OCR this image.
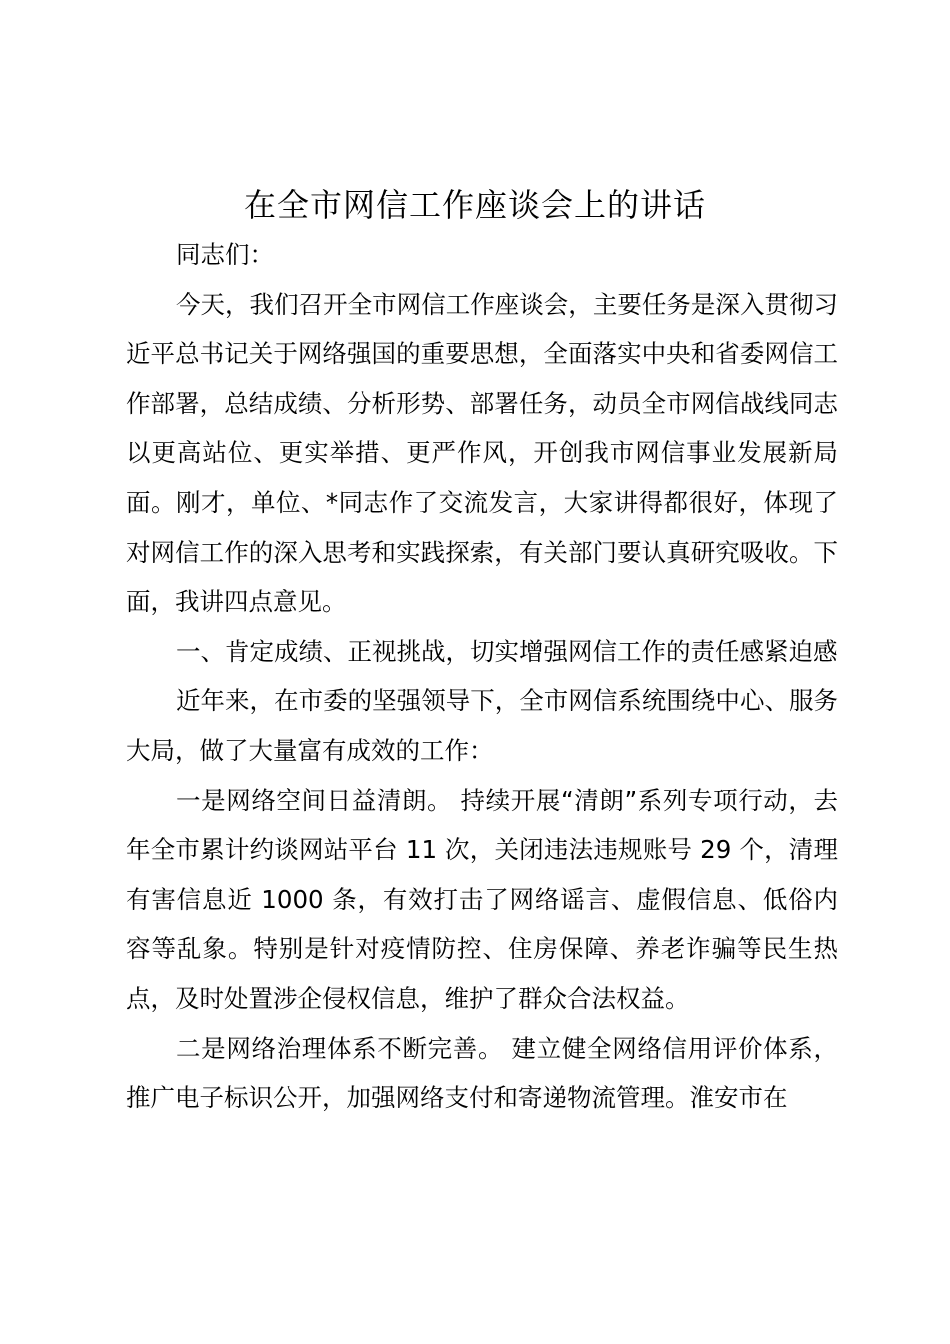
在全市网信工作座谈会上的讲话

同志们：

今天，我们召开全市网信工作座谈会，主要任务是深入贯彻习近平总书记关于网络强国的重要思想，全面落实中央和省委网信工作部署，总结成绩、分析形势、部署任务，动员全市网信战线同志以更高站位、更实举措、更严作风，开创我市网信事业发展新局面。刚才，单位、*同志作了交流发言，大家讲得都很好，体现了对网信工作的深入思考和实践探索，有关部门要认真研究吸收。下面，我讲四点意见。

一、肯定成绩、正视挑战，切实增强网信工作的责任感紧迫感

近年来，在市委的坚强领导下，全市网信系统围绕中心、服务大局，做了大量富有成效的工作：

一是网络空间日益清朗。 持续开展“清朗”系列专项行动，去年全市累计约谈网站平台 11 次，关闭违法违规账号 29 个，清理有害信息近 1000 条，有效打击了网络谣言、虚假信息、低俗内容等乱象。特别是针对疫情防控、住房保障、养老诈骗等民生热点，及时处置涉企侵权信息，维护了群众合法权益。

二是网络治理体系不断完善。 建立健全网络信用评价体系，推广电子标识公开，加强网络支付和寄递物流管理。淮安市在
